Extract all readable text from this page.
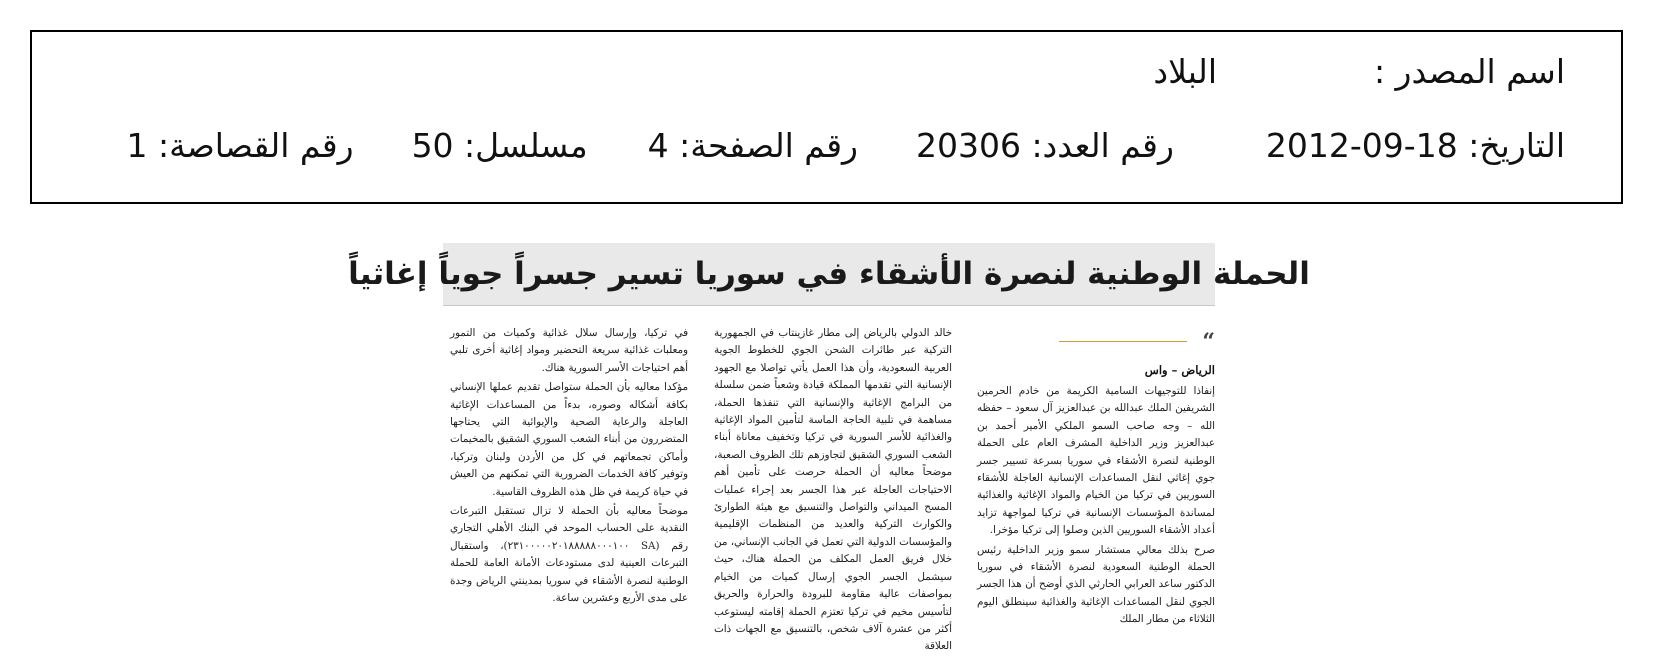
اسم المصدر :
البلاد
التاريخ: 18-09-2012
رقم العدد: 20306
رقم الصفحة: 4
مسلسل: 50
رقم القصاصة: 1
الحملة الوطنية لنصرة الأشقاء في سوريا تسير جسراً جوياً إغاثياً
“
الرياض – واس

إنفاذا للتوجيهات السامية الكريمة من خادم الحرمين الشريفين الملك عبدالله بن عبدالعزيز آل سعود – حفظه الله – وجه صاحب السمو الملكي الأمير أحمد بن عبدالعزيز وزير الداخلية المشرف العام على الحملة الوطنية لنصرة الأشقاء في سوريا بسرعة تسيير جسر جوي إغاثي لنقل المساعدات الإنسانية العاجلة للأشقاء السوريين في تركيا من الخيام والمواد الإغاثية والغذائية لمساندة المؤسسات الإنسانية في تركيا لمواجهة تزايد أعداد الأشقاء السوريين الذين وصلوا إلى تركيا مؤخرا.

صرح بذلك معالي مستشار سمو وزير الداخلية رئيس الحملة الوطنية السعودية لنصرة الأشقاء في سوريا الدكتور ساعد العرابي الحارثي الذي أوضح أن هذا الجسر الجوي لنقل المساعدات الإغاثية والغذائية سينطلق اليوم الثلاثاء من مطار الملك

خالد الدولي بالرياض إلى مطار غازينتاب في الجمهورية التركية عبر طائرات الشحن الجوي للخطوط الجوية العربية السعودية، وأن هذا العمل يأتي تواصلا مع الجهود الإنسانية التي تقدمها المملكة قيادة وشعباً ضمن سلسلة من البرامج الإغاثية والإنسانية التي تنفذها الحملة، مساهمة في تلبية الحاجة الماسة لتأمين المواد الإغاثية والغذائية للأسر السورية في تركيا وتخفيف معاناة أبناء الشعب السوري الشقيق لتجاوزهم تلك الظروف الصعبة، موضحاً معاليه أن الحملة حرصت على تأمين أهم الاحتياجات العاجلة عبر هذا الجسر بعد إجراء عمليات المسح الميداني والتواصل والتنسيق مع هيئة الطوارئ والكوارث التركية والعديد من المنظمات الإقليمية والمؤسسات الدولية التي تعمل في الجانب الإنساني، من خلال فريق العمل المكلف من الحملة هناك، حيث سيشمل الجسر الجوي إرسال كميات من الخيام بمواصفات عالية مقاومة للبرودة والحرارة والحريق لتأسيس مخيم في تركيا تعتزم الحملة إقامته ليستوعب أكثر من عشرة آلاف شخص، بالتنسيق مع الجهات ذات العلاقة

في تركيا، وإرسال سلال غذائية وكميات من التمور ومعلبات غذائية سريعة التحضير ومواد إغاثية أخرى تلبي أهم احتياجات الأسر السورية هناك.

مؤكدا معاليه بأن الحملة ستواصل تقديم عملها الإنساني بكافة أشكاله وصوره، بدءاً من المساعدات الإغاثية العاجلة والرعاية الصحية والإيوائية التي يحتاجها المتضررون من أبناء الشعب السوري الشقيق بالمخيمات وأماكن تجمعاتهم في كل من الأردن ولبنان وتركيا، وتوفير كافة الخدمات الضرورية التي تمكنهم من العيش في حياة كريمة في ظل هذه الظروف القاسية.

موضحاً معاليه بأن الحملة لا تزال تستقبل التبرعات النقدية على الحساب الموحد في البنك الأهلي التجاري رقم (SA ٢٣١٠٠٠٠٠٢٠١٨٨٨٨٨٠٠٠١٠٠)، واستقبال التبرعات العينية لدى مستودعات الأمانة العامة للحملة الوطنية لنصرة الأشقاء في سوريا بمدينتي الرياض وجدة على مدى الأربع وعشرين ساعة.
